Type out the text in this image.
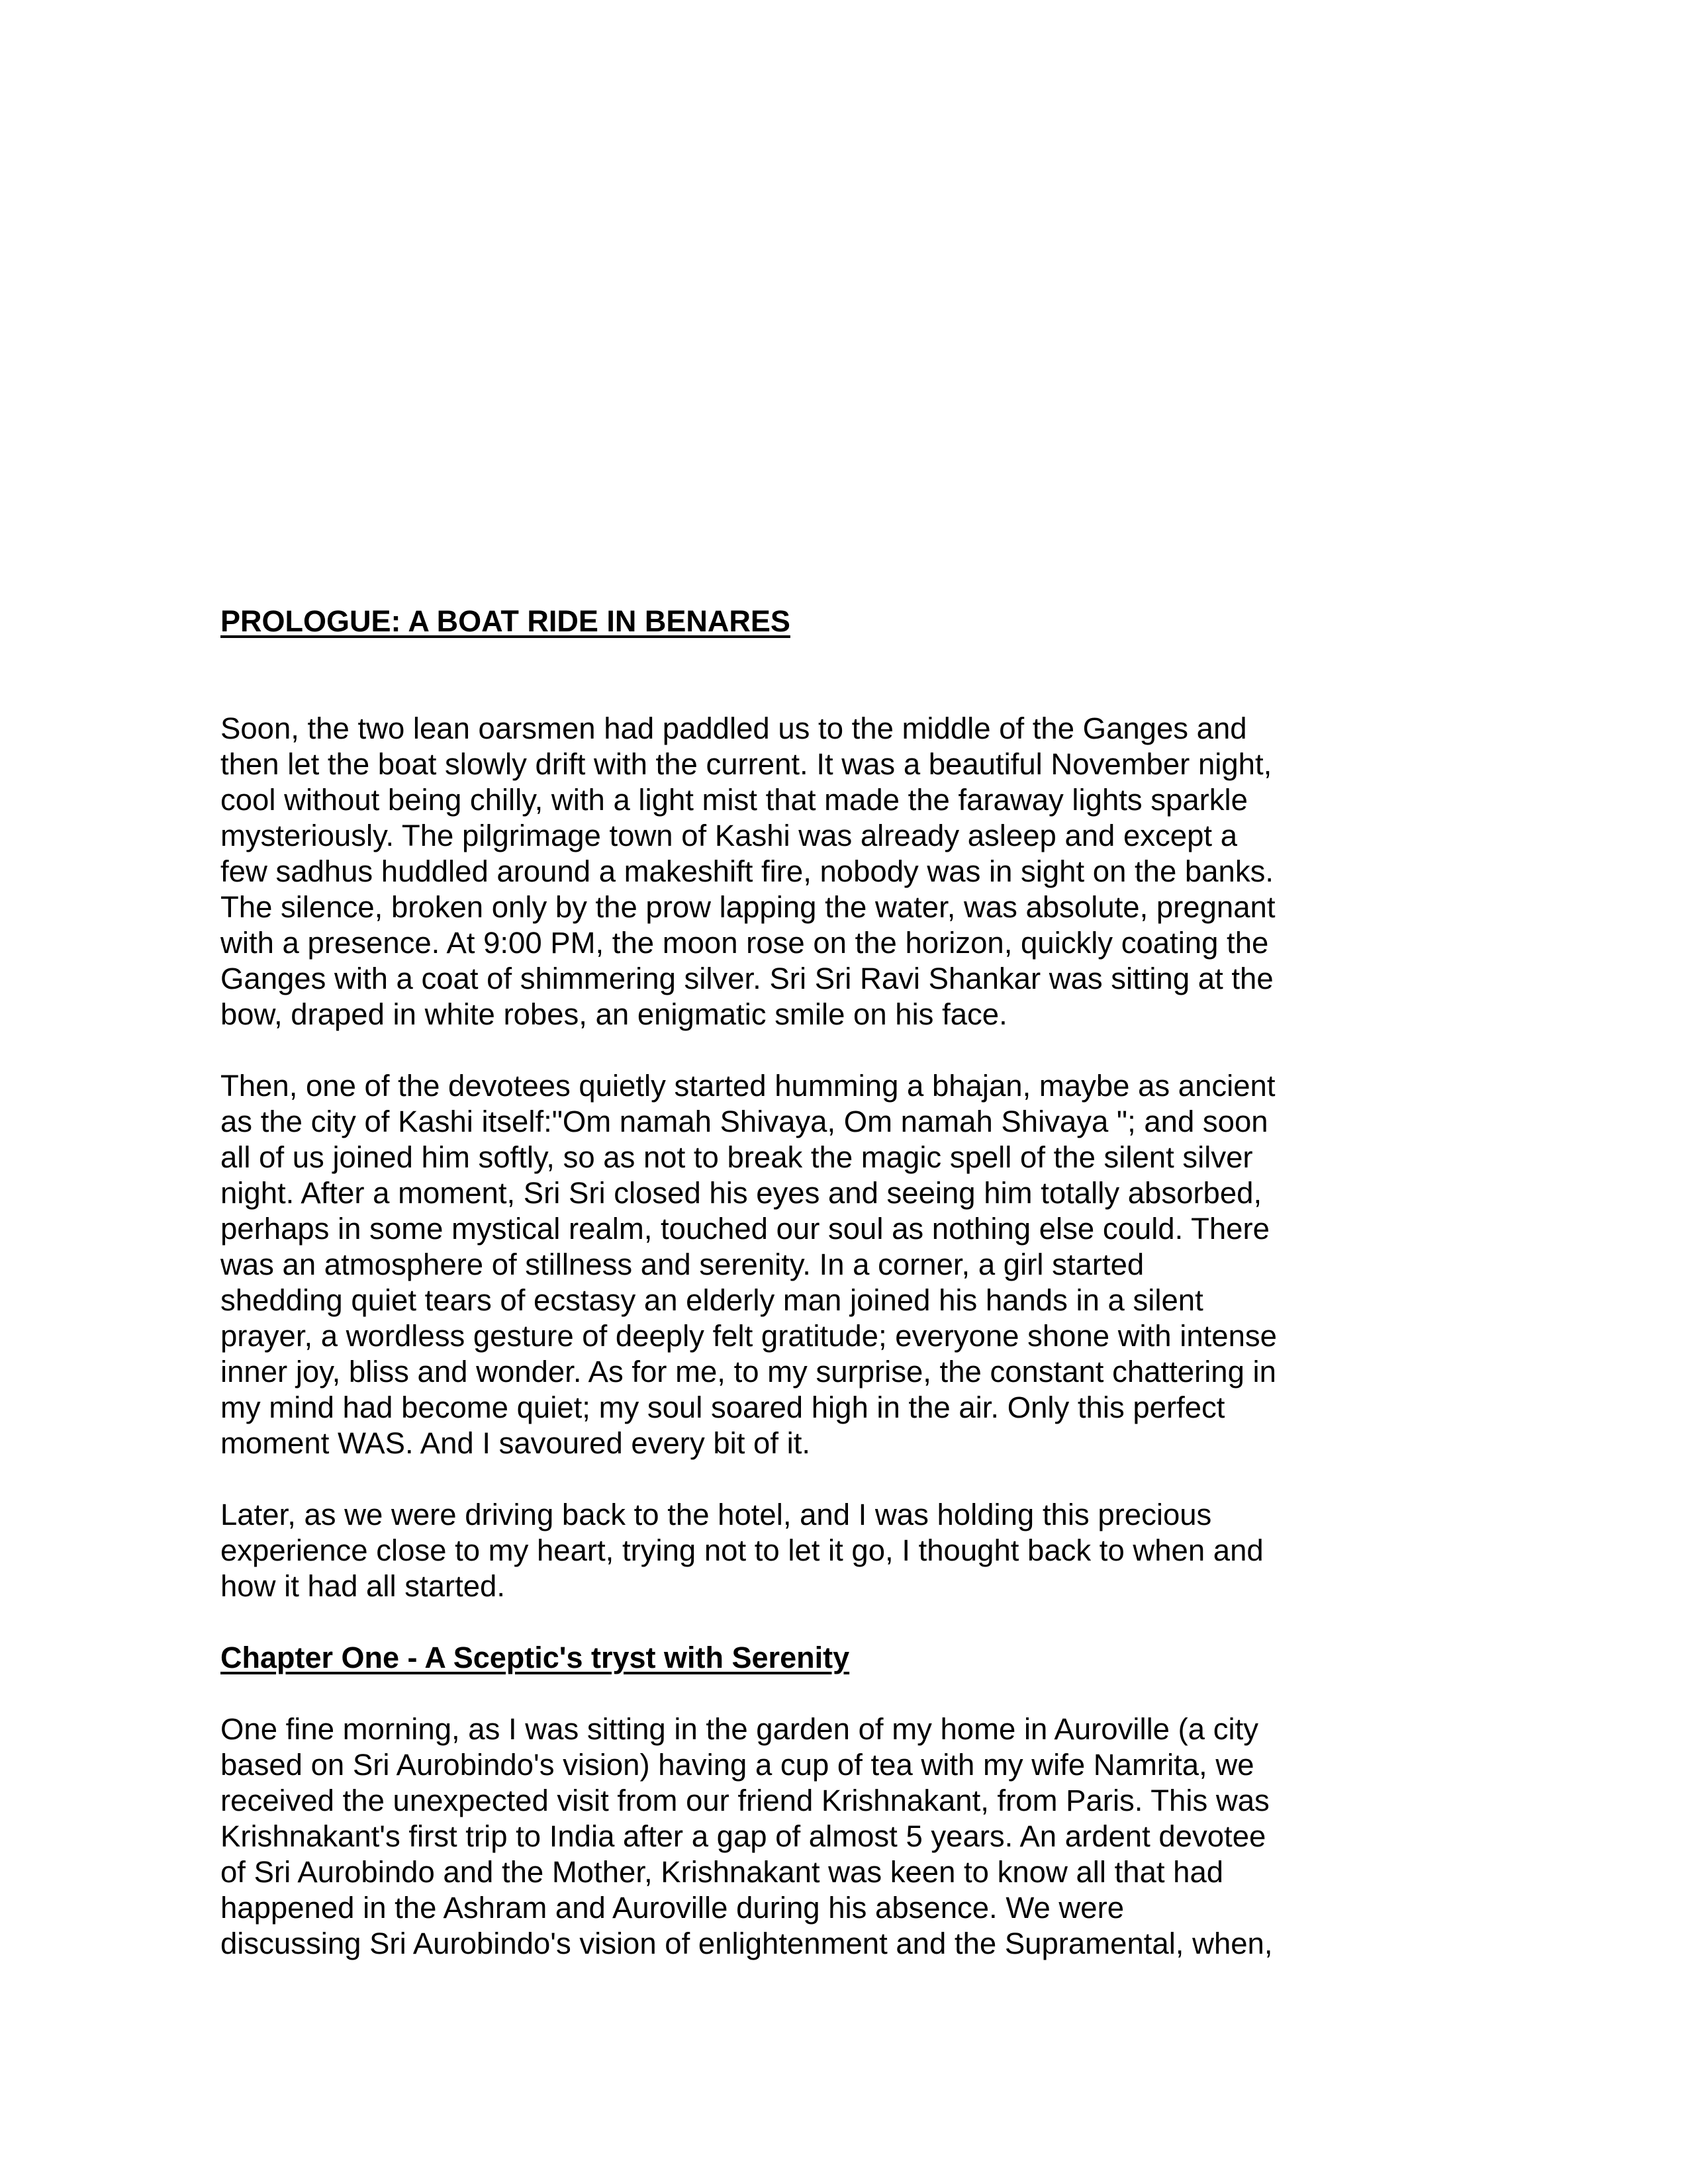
PROLOGUE: A BOAT RIDE IN BENARES
Soon, the two lean oarsmen had paddled us to the middle of the Ganges and
then let the boat slowly drift with the current. It was a beautiful November night,
cool without being chilly, with a light mist that made the faraway lights sparkle
mysteriously. The pilgrimage town of Kashi was already asleep and except a
few sadhus huddled around a makeshift fire, nobody was in sight on the banks.
The silence, broken only by the prow lapping the water, was absolute, pregnant
with a presence. At 9:00 PM, the moon rose on the horizon, quickly coating the
Ganges with a coat of shimmering silver. Sri Sri Ravi Shankar was sitting at the
bow, draped in white robes, an enigmatic smile on his face.
Then, one of the devotees quietly started humming a bhajan, maybe as ancient
as the city of Kashi itself:"Om namah Shivaya, Om namah Shivaya "; and soon
all of us joined him softly, so as not to break the magic spell of the silent silver
night. After a moment, Sri Sri closed his eyes and seeing him totally absorbed,
perhaps in some mystical realm, touched our soul as nothing else could. There
was an atmosphere of stillness and serenity. In a corner, a girl started
shedding quiet tears of ecstasy an elderly man joined his hands in a silent
prayer, a wordless gesture of deeply felt gratitude; everyone shone with intense
inner joy, bliss and wonder. As for me, to my surprise, the constant chattering in
my mind had become quiet; my soul soared high in the air. Only this perfect
moment WAS. And I savoured every bit of it.
Later, as we were driving back to the hotel, and I was holding this precious
experience close to my heart, trying not to let it go, I thought back to when and
how it had all started.
Chapter One - A Sceptic's tryst with Serenity
One fine morning, as I was sitting in the garden of my home in Auroville (a city
based on Sri Aurobindo's vision) having a cup of tea with my wife Namrita, we
received the unexpected visit from our friend Krishnakant, from Paris. This was
Krishnakant's first trip to India after a gap of almost 5 years. An ardent devotee
of Sri Aurobindo and the Mother, Krishnakant was keen to know all that had
happened in the Ashram and Auroville during his absence. We were
discussing Sri Aurobindo's vision of enlightenment and the Supramental, when,
